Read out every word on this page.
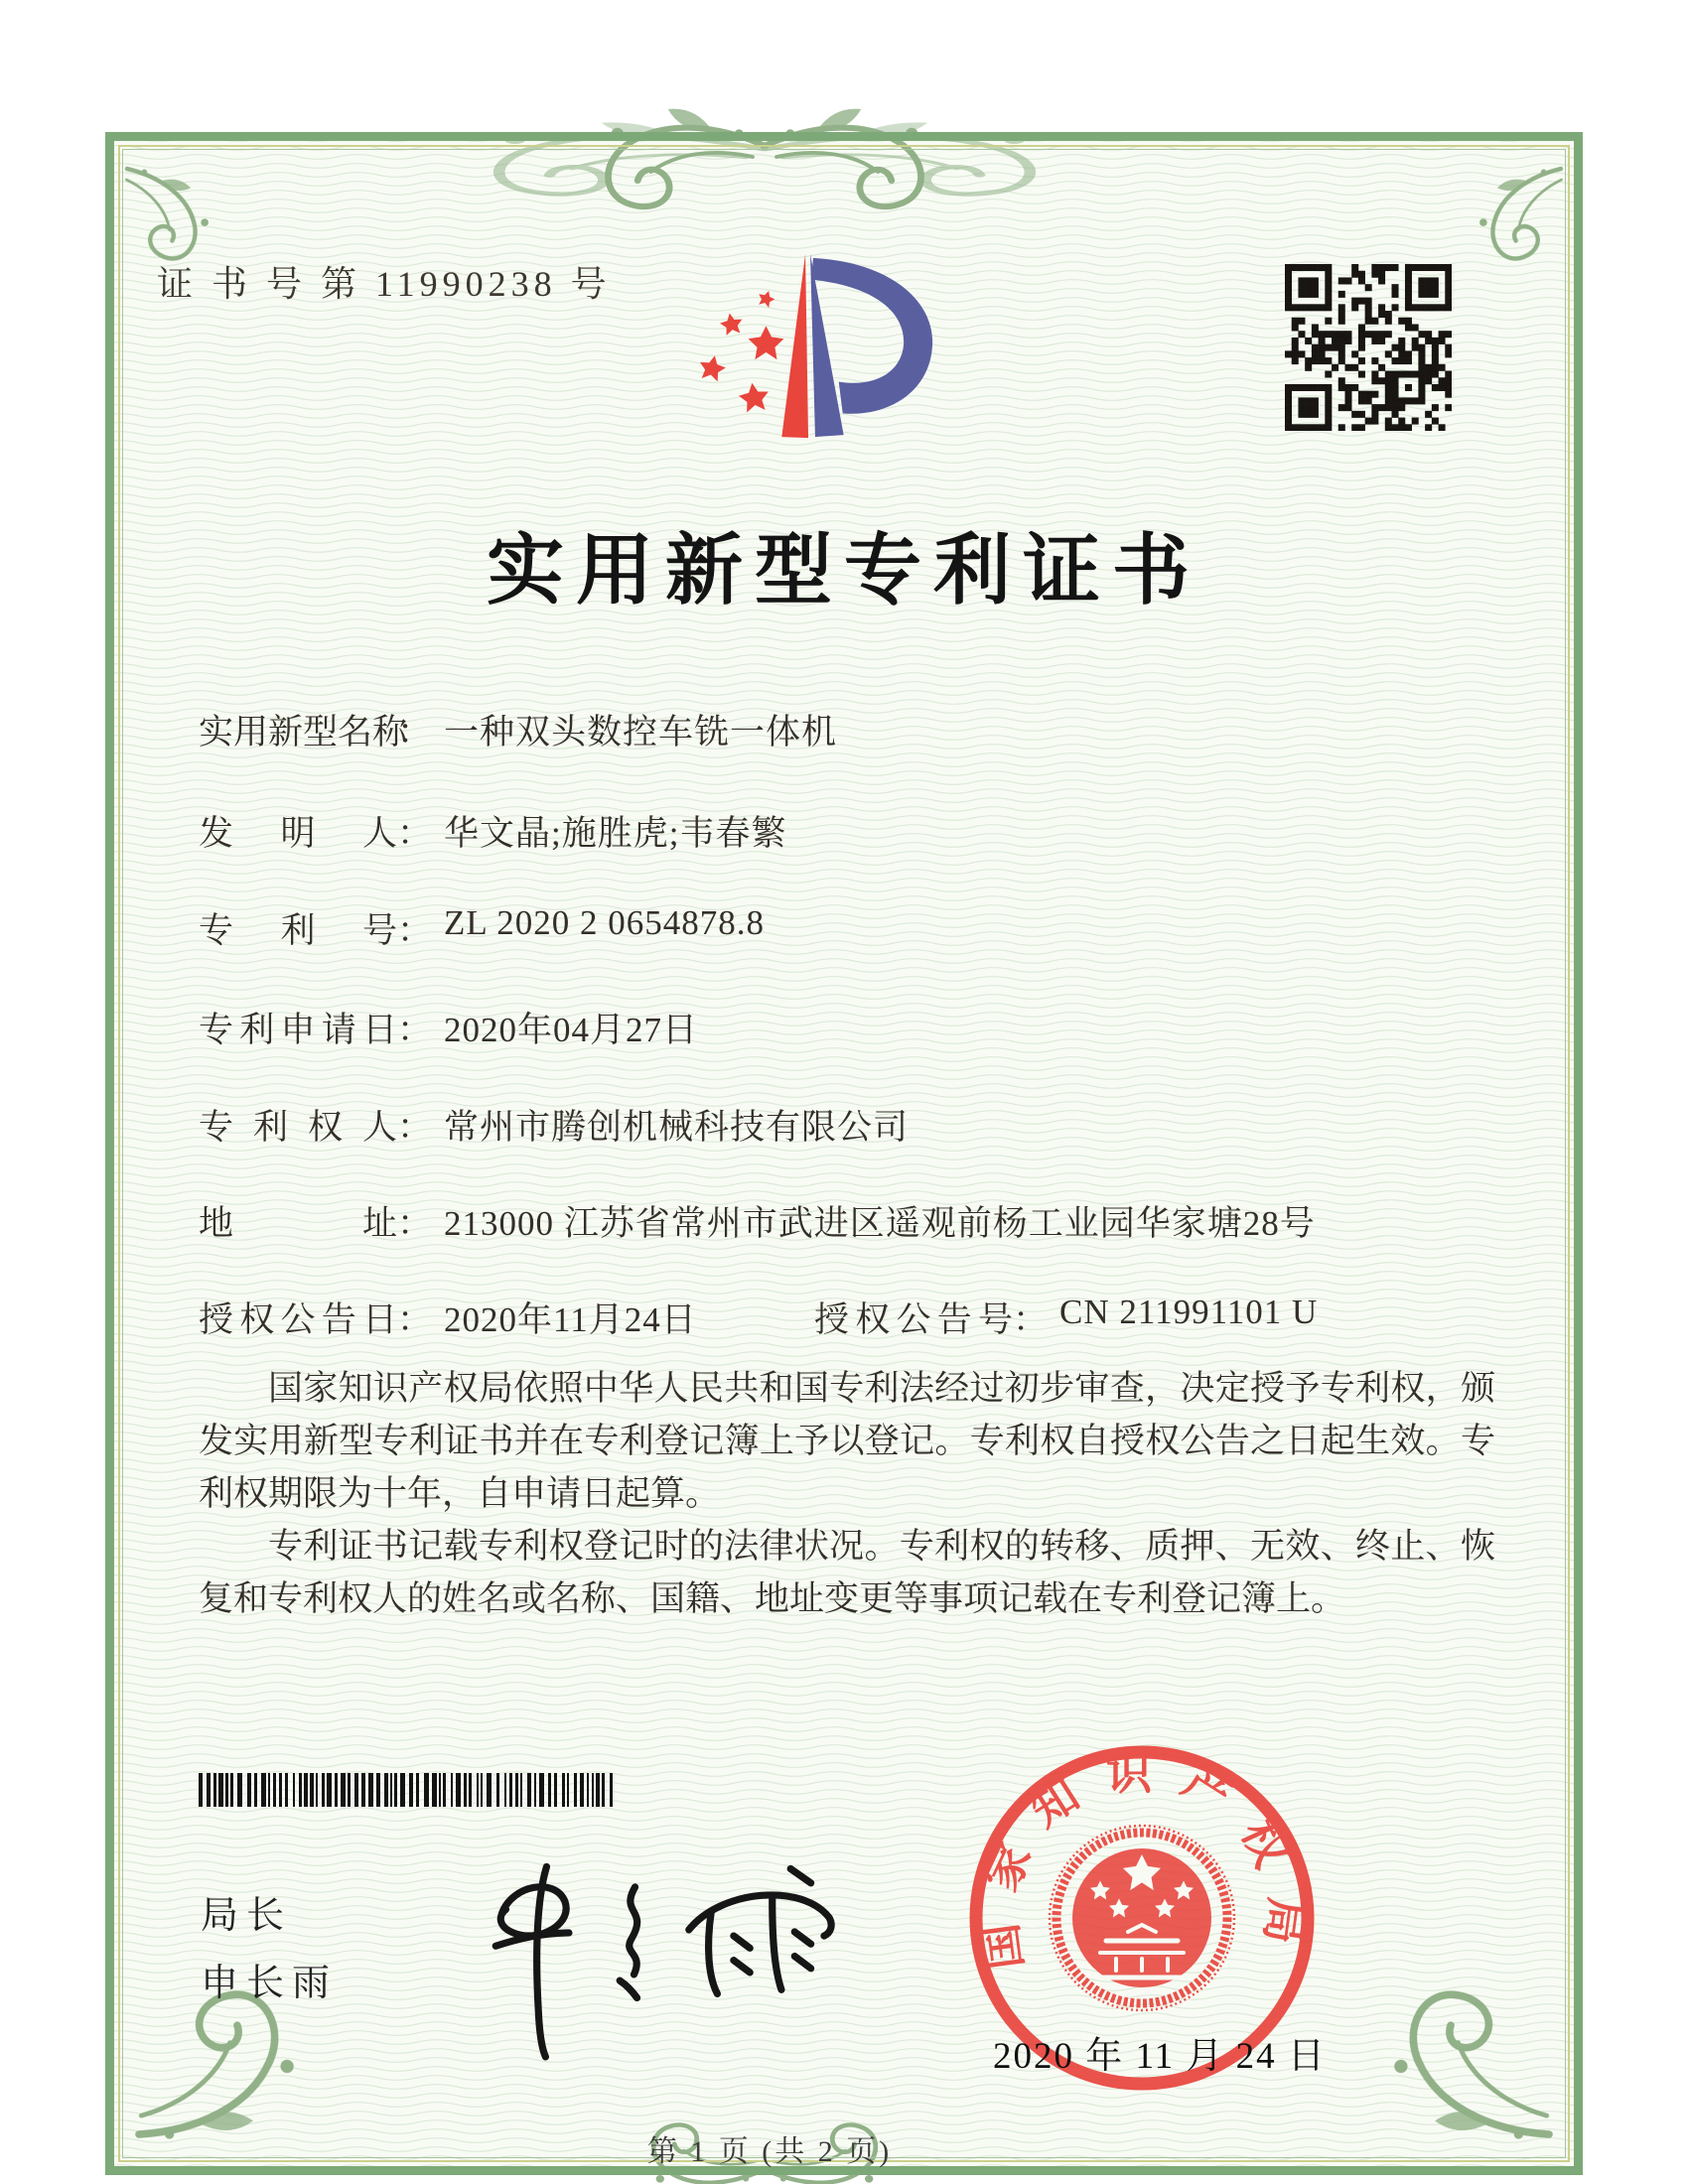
证 书 号 第 11990238 号
实用新型专利证书
实用新型名称： 一种双头数控车铣一体机
发明人： 华文晶;施胜虎;韦春繁
专利号： ZL 2020 2 0654878.8
专利申请日： 2020年04月27日
专利权人： 常州市腾创机械科技有限公司
地址： 213000 江苏省常州市武进区遥观前杨工业园华家塘28号
授权公告日： 2020年11月24日	授权公告号： CN 211991101 U

国家知识产权局依照中华人民共和国专利法经过初步审查，决定授予专利权，颁发实用新型专利证书并在专利登记簿上予以登记。专利权自授权公告之日起生效。专利权期限为十年，自申请日起算。

专利证书记载专利权登记时的法律状况。专利权的转移、质押、无效、终止、恢复和专利权人的姓名或名称、国籍、地址变更等事项记载在专利登记簿上。

局长
申长雨
国家知识产权局
2020 年 11 月 24 日
第 1 页 (共 2 页)
